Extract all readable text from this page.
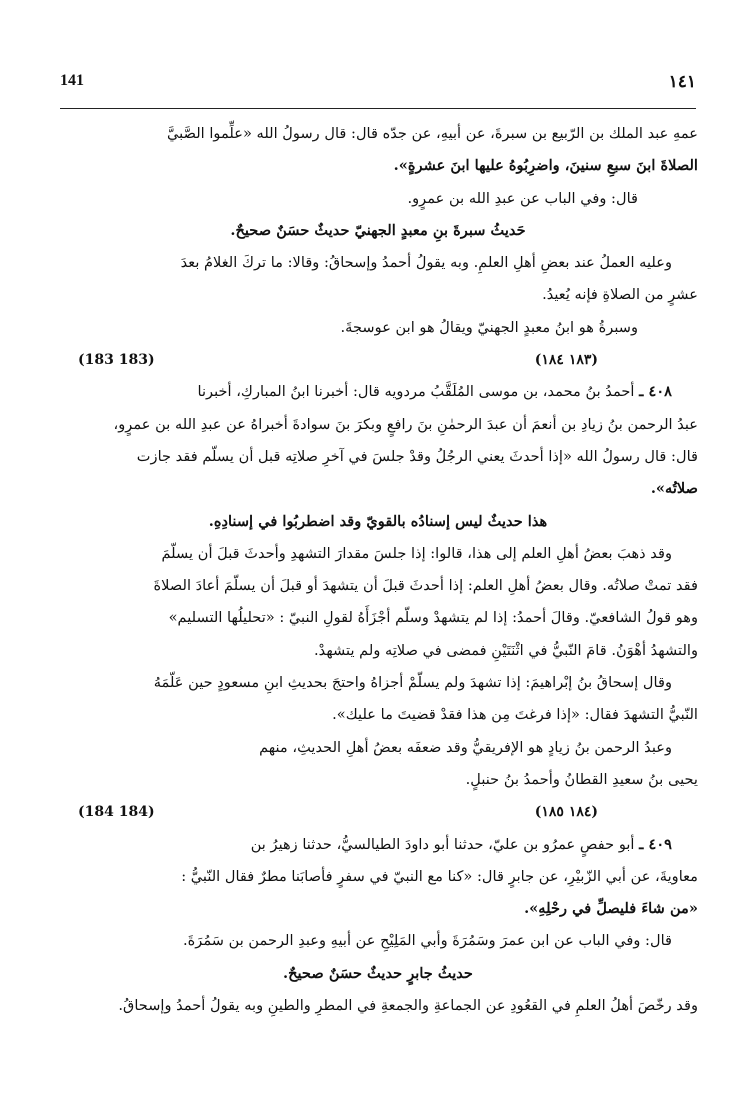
141	١٤١

عمهِ عبد الملك بن الرّبيع بن سبرةَ، عن أبيهِ، عن جدّه قال: قال رسولُ الله «علِّموا الصَّبيَّ

الصلاةَ ابنَ سبعِ سنينَ، واضرِبُوهُ عليها ابنَ عشرةٍ».

قال: وفي الباب عن عبدِ الله بن عمرٍو.

حَديثُ سبرةَ بنِ معبدٍ الجهنيّ حديثٌ حسَنٌ صحيحٌ.

وعليه العملُ عند بعضِ أهلِ العلمِ. وبه يقولُ أحمدُ وإسحاقُ: وقالا: ما تركَ الغلامُ بعدَ

عشرٍ من الصلاةِ فإنه يُعيدُ.

وسبرةُ هو ابنُ معبدٍ الجهنيّ ويقالُ هو ابن عوسجةَ.

(183 183)	(١٨٣ ١٨٤)

٤٠٨ ـ أحمدُ بنُ محمد، بن موسى المُلَقَّبُ مردويه قال: أخبرنا ابنُ المباركِ، أخبرنا

عبدُ الرحمن بنُ زيادِ بن أنعمَ أن عبدَ الرحمٰنِ بنَ رافعٍ وبكرَ بنَ سوادةَ أخبراهُ عن عبدِ الله بن عمرٍو،

قال: قال رسولُ الله «إذا أحدثَ يعني الرجُلُ وقدْ جلسَ في آخرِ صلاتِه قبل أن يسلّم فقد جازت

صلاتُه».

هذا حديثٌ ليس إسنادُه بالقويّ وقد اضطربُوا في إسنادِهِ.

وقد ذهبَ بعضُ أهلِ العلم إلى هذا، قالوا: إذا جلسَ مقدارَ التشهدِ وأحدثَ قبلَ أن يسلّمَ

فقد تمتْ صلاتُه. وقال بعضُ أهلِ العلم: إذا أحدثَ قبلَ أن يتشهدَ أو قبلَ أن يسلّمَ أعادَ الصلاةَ

وهو قولُ الشافعيّ. وقالَ أحمدُ: إذا لم يتشهدْ وسلّم أجْزَأَهُ لقولِ النبيّ : «تحليلُها التسليم»

والتشهدُ أهْوَنُ. قامَ النّبيُّ في اثْنَتَيْنِ فمضى في صلاتِه ولم يتشهدْ.

وقال إسحاقُ بنُ إبْراهيمَ: إذا تشهدَ ولم يسلّمْ أجزاهُ واحتجَ بحديثِ ابنِ مسعودٍ حين عَلّمَهُ

النّبيُّ التشهدَ فقال: «إذا فرغتَ مِن هذا فقدْ قضيتَ ما عليك».

وعبدُ الرحمن بنُ زيادٍ هو الإفريقيُّ وقد ضعفَه بعضُ أهلِ الحديثِ، منهم

يحيى بنُ سعيدِ القطانُ وأحمدُ بنُ حنبلٍ.

(184 184)	(١٨٤ ١٨٥)

٤٠٩ ـ أبو حفصٍ عمرُو بن عليّ، حدثنا أبو داودَ الطيالسيُّ، حدثنا زهيرُ بن

معاويةَ، عن أبي الزّبيْرِ، عن جابرٍ قال: «كنا مع النبيّ في سفرٍ فأصابَنا مطرٌ فقال النّبيُّ :

«من شاءَ فليصلِّ في رحْلِهِ».

قال: وفي الباب عن ابن عمرَ وسَمُرَةَ وأبي المَلِيْحِ عن أبيهِ وعبدِ الرحمن بن سَمُرَةَ.

حديثُ جابرٍ حديثٌ حسَنٌ صحيحٌ.

وقد رخّصَ أهلُ العلمِ في القعُودِ عن الجماعةِ والجمعةِ في المطرِ والطينِ وبه يقولُ أحمدُ وإسحاقُ.
